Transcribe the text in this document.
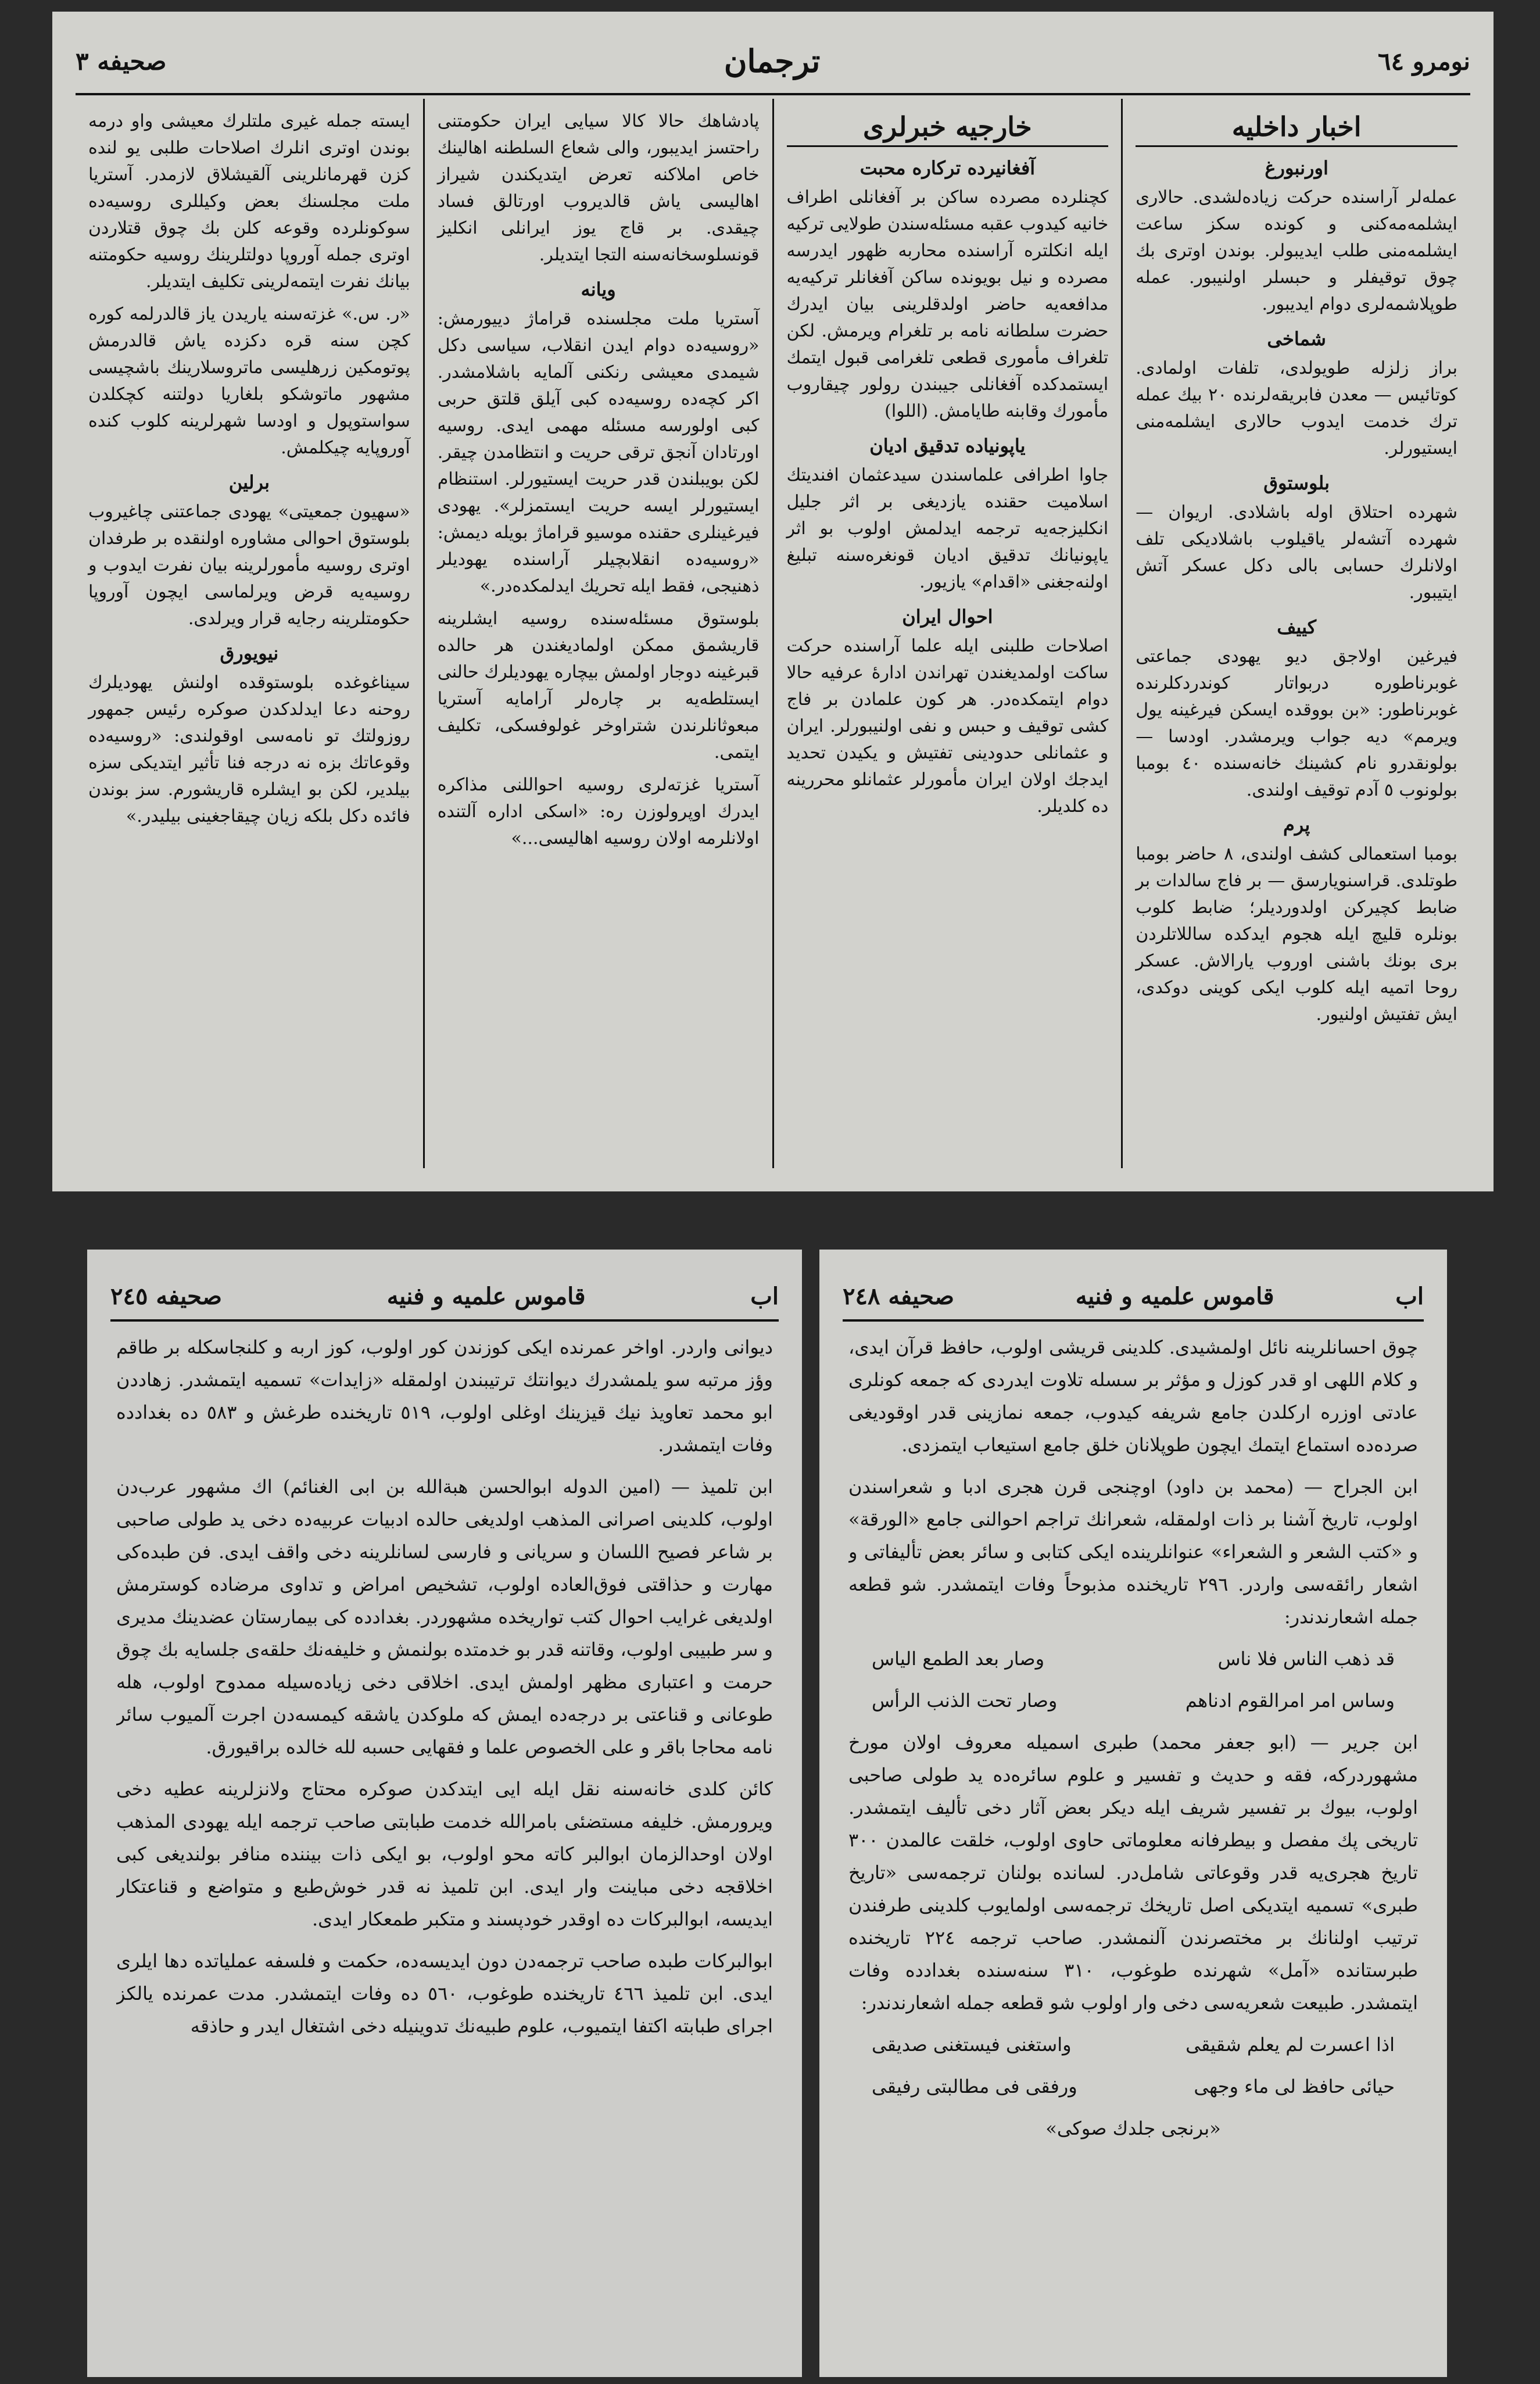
نومرو ٦٤
ترجمان
صحيفه ٣
اخبار داخليه
اورنبورغ

عمله‌لر آراسنده حركت زياده‌لشدی. حالاری ايشلمه‌مه‌كنی و كونده سكز ساعت ايشلمه‌منی طلب ايديبولر. بوندن اوتری بك چوق توقيفلر و حبسلر اولنيبور. عمله طوپلاشمه‌لری دوام ايديبور.

شماخی

براز زلزله طويولدی، تلفات اولمادی. كوتائيس — معدن فابريقه‌لرنده ٢٠ بيك عمله ترك خدمت ايدوب حالاری ايشلمه‌منی ايستيورلر.

بلوستوق

شهرده احتلاق اوله باشلادی. اريوان — شهرده آتشه‌لر ياقيلوب باشلادیكی تلف اولانلرك حسابی بالی دكل عسكر آتش ايتيبور.

كييف

فيرغين اولاجق ديو يهودی جماعتی غوبرناطوره دربواتار كوندردكلرنده غوبرناطور: «بن بووقده ايسكن فيرغينه يول ويرمم» ديه جواب ويرمشدر. اودسا — بولونقدرو نام كشينك خانه‌سنده ٤٠ بومبا بولونوب ٥ آدم توقيف اولندی.

پرم

بومبا استعمالی كشف اولندی، ٨ حاضر بومبا طوتلدی. قراسنويارسق — بر فاج سالدات بر ضابط كچيركن اولدوردیلر؛ ضابط كلوب بونلره قليچ ايله هجوم ايدكده ساللاتلردن بری بونك باشنی اوروب يارالاش. عسكر روحا اتميه ايله كلوب ايكی كوينی دوكدی، ايش تفتيش اولنيور.

خارجيه خبرلری
آفغانيرده تركاره محبت

كچنلرده مصرده ساكن بر آفغانلی اطراف خانيه كيدوب عقبه مسئله‌سندن طولايی تركيه ايله انكلتره آراسنده محاربه ظهور ايدرسه مصرده و نيل بويونده ساكن آفغانلر تركيه‌يه مدافعه‌يه حاضر اولدقلرينی بيان ايدرك حضرت سلطانه نامه بر تلغرام ويرمش. لكن تلغراف مأموری قطعی تلغرامی قبول ايتمك ايستمدكده آفغانلی جيبندن رولور چيقاروب مأمورك وقابنه طايامش. (اللوا)

ياپونياده تدقيق اديان

جاوا اطرافی علماسندن سيدعثمان افنديتك اسلاميت حقنده يازديغی بر اثر جليل انكليزجه‌يه ترجمه ايدلمش اولوب بو اثر ياپونيانك تدقيق اديان قونغره‌سنه تبليغ اولنه‌جغنی «اقدام» يازيور.

احوال ايران

اصلاحات طلبنی ايله علما آراسنده حركت ساكت اولمديغندن تهراندن ادارهٔ عرفيه حالا دوام ايتمكده‌در. هر كون علمادن بر فاج كشی توقيف و حبس و نفی اولنيبورلر. ايران و عثمانلی حدودينی تفتيش و يكيدن تحديد ايدجك اولان ايران مأمورلر عثمانلو محررينه ده كلديلر.

پادشاهك حالا كالا سيايی ايران حكومتنی راحتسز ايديبور، والی شعاع السلطنه اهالينك خاص املاكنه تعرض ايتديكندن شيراز اهالیسی ياش قالديروب اورتالق فساد چيقدی. بر قاج يوز ايرانلی انكليز قونسلوسخانه‌سنه التجا ايتديلر.

ويانه

آستريا ملت مجلسنده قراماژ دييورمش: «روسيه‌ده دوام ايدن انقلاب، سياسی دكل شيمدی معيشی رنكنی آلمايه باشلامشدر. اكر كچه‌ده روسيه‌ده كبی آيلق قلتق حربی كبی اولورسه مسئله مهمی ايدی. روسيه اورتادان آنجق ترقی حريت و انتظامدن چيقر. لكن بويبلندن قدر حريت ايستيورلر. استنظام ايستيورلر ايسه حريت ايستمزلر». يهودی فيرغينلری حقنده موسيو قراماژ بويله ديمش: «روسيه‌ده انقلابچيلر آراسنده يهودیلر ذهنيجی، فقط ايله تحريك ايدلمكده‌در.»

بلوستوق مسئله‌سنده روسيه ايشلرينه قاريشمق ممكن اولماديغندن هر حالده قبرغينه دوجار اولمش بيچاره يهوديلرك حالنی ايستلطه‌يه بر چاره‌لر آرامايه آستريا مبعوثانلرندن شتراوخر غولوفسكی، تكليف ايتمی.

آستريا غزته‌لری روسيه احواللنی مذاكره ايدرك اوپرولوزن ره: «اسكی اداره آلتنده اولانلرمه اولان روسيه اهالیسی...»

ايسته جمله غيری ملتلرك معيشی واو درمه بوندن اوتری انلرك اصلاحات طلبی يو لنده كزن قهرمانلرينی آلقيشلاق لازمدر. آستريا ملت مجلسنك بعض وكيللری روسيه‌ده سوكونلرده وقوعه كلن بك چوق قتلاردن اوتری جمله آوروپا دولتلرينك روسيه حكومتنه بيانك نفرت ايتمه‌لرينی تكليف ايتديلر.

«ر. س.» غزته‌سنه ياريدن ياز قالدرلمه كوره كچن سنه قره دكزده ياش قالدرمش پوتومكين زرهلیسی ماتروسلارينك باشچيسی مشهور ماتوشكو بلغاريا دولتنه كچكلدن سواستوپول و اودسا شهرلرينه كلوب كنده آوروپايه چيكلمش.

برلين

«سهيون جمعيتی» يهودی جماعتنی چاغيروب بلوستوق احوالی مشاوره اولنقده بر طرفدان اوتری روسيه مأمورلرينه بيان نفرت ايدوب و روسيه‌يه قرض ويرلماسی ايچون آوروپا حكومتلرينه رجايه قرار ويرلدی.

نيويورق

سيناغوغده بلوستوقده اولنش يهوديلرك روحنه دعا ايدلدكدن صوكره رئيس جمهور روزولتك تو نامه‌سی اوقولندی: «روسيه‌ده وقوعاتك بزه نه درجه فنا تأثير ايتديكی سزه بيلدير، لكن بو ايشلره قاريشورم. سز بوندن فائده دكل بلكه زيان چيقاجغينی بيليدر.»

اب
قاموس علميه و فنيه
صحيفه ٢٤٥

ديوانی واردر. اواخر عمرنده ايكی كوزندن كور اولوب، كوز اربه و كلنجاسكله بر طاقم وؤز مرتبه سو يلمشدرك ديوانتك ترتيبندن اولمقله «زايدات» تسميه ايتمشدر. زهاددن ابو محمد تعاويذ نيك قيزينك اوغلی اولوب، ٥١٩ تاريخنده طرغش و ٥٨٣ ده بغدادده وفات ايتمشدر.

ابن تلميذ — (امين الدوله ابوالحسن هبةالله بن ابی الغنائم) اك مشهور عرب‌دن اولوب، كلدينی اصرانی المذهب اولديغی حالده ادبيات عربيه‌ده دخی يد طولی صاحبی بر شاعر فصيح اللسان و سريانی و فارسی لسانلرينه دخی واقف ايدی. فن طبده‌كی مهارت و حذاقتی فوق‌العاده اولوب، تشخيص امراض و تداوی مرضاده كوسترمش اولديغی غرايب احوال كتب تواريخده مشهوردر. بغدادده كی بيمارستان عضدينك مديری و سر طبيبی اولوب، وقاتنه قدر بو خدمتده بولنمش و خليفه‌نك حلقه‌ی جلسايه بك چوق حرمت و اعتباری مظهر اولمش ايدی. اخلاقی دخی زياده‌سيله ممدوح اولوب، هله طوعانی و قناعتی بر درجه‌ده ايمش كه ملوكدن ياشقه كيمسه‌دن اجرت آلميوب سائر نامه محاجا باقر و علی الخصوص علما و فقهايی حسبه لله خالده براقيورق.

كائن كلدی خانه‌سنه نقل ايله ايی ايتدكدن صوكره محتاج ولانزلرينه عطيه دخی ويرورمش. خليفه مستضئی بامرالله خدمت طبابتی صاحب ترجمه ايله يهودی المذهب اولان اوحدالزمان ابوالبر كاته محو اولوب، بو ايكی ذات بيننده منافر بولنديغی كبی اخلاقجه دخی مباينت وار ايدی. ابن تلميذ نه قدر خوش‌طبع و متواضع و قناعتكار ايديسه، ابوالبركات ده اوقدر خودپسند و متكبر طمعكار ايدی.

ابوالبركات طبده صاحب ترجمه‌دن دون ايديسه‌ده، حكمت و فلسفه عملياتده دها ايلری ايدی. ابن تلميذ ٤٦٦ تاريخنده طوغوب، ٥٦٠ ده وفات ايتمشدر. مدت عمرنده يالكز اجرای طبابته اكتفا ايتميوب، علوم طبيه‌نك تدوينيله دخی اشتغال ايدر و حاذقه

اب
قاموس علميه و فنيه
صحيفه ٢٤٨

چوق احسانلرينه نائل اولمشيدی. كلدينی قريشی اولوب، حافظ قرآن ايدی، و كلام اللهی او قدر كوزل و مؤثر بر سسله تلاوت ايدردی كه جمعه كونلری عادتی اوزره اركلدن جامع شريفه كيدوب، جمعه نمازينی قدر اوقوديغی صرده‌ده استماع ايتمك ايچون طوپلانان خلق جامع استيعاب ايتمزدی.

ابن الجراح — (محمد بن داود) اوچنجی قرن هجری ادبا و شعراسندن اولوب، تاريخ آشنا بر ذات اولمقله، شعرانك تراجم احوالنی جامع «الورقة» و «كتب الشعر و الشعراء» عنوانلرينده ايكی كتابی و سائر بعض تأليفاتی و اشعار رائقه‌سی واردر. ٢٩٦ تاريخنده مذبوحاً وفات ايتمشدر. شو قطعه جمله اشعارندندر:

قد ذهب الناس فلا ناس
وصار بعد الطمع الياس

وساس امر امرالقوم ادناهم
وصار تحت الذنب الرأس

ابن جرير — (ابو جعفر محمد) طبری اسميله معروف اولان مورخ مشهوردركه، فقه و حديث و تفسير و علوم سائره‌ده يد طولی صاحبی اولوب، بيوك بر تفسير شريف ايله ديكر بعض آثار دخی تأليف ايتمشدر. تاريخی پك مفصل و بيطرفانه معلوماتی حاوی اولوب، خلقت عالمدن ٣٠٠ تاريخ هجری‌يه قدر وقوعاتی شامل‌در. لسانده بولنان ترجمه‌سی «تاريخ طبری» تسميه ايتديكی اصل تاريخك ترجمه‌سی اولمايوب كلدينی طرفندن ترتيب اولنانك بر مختصرندن آلنمشدر. صاحب ترجمه ٢٢٤ تاريخنده طبرستانده «آمل» شهرنده طوغوب، ٣١٠ سنه‌سنده بغدادده وفات ايتمشدر. طبيعت شعريه‌سی دخی وار اولوب شو قطعه جمله اشعارندندر:

اذا اعسرت لم يعلم شقيقی
واستغنی فيستغنی صديقی

حيائی حافظ لی ماء وجهی
ورفقی فی مطالبتی رفيقی

«برنجی جلدك صوكی»
